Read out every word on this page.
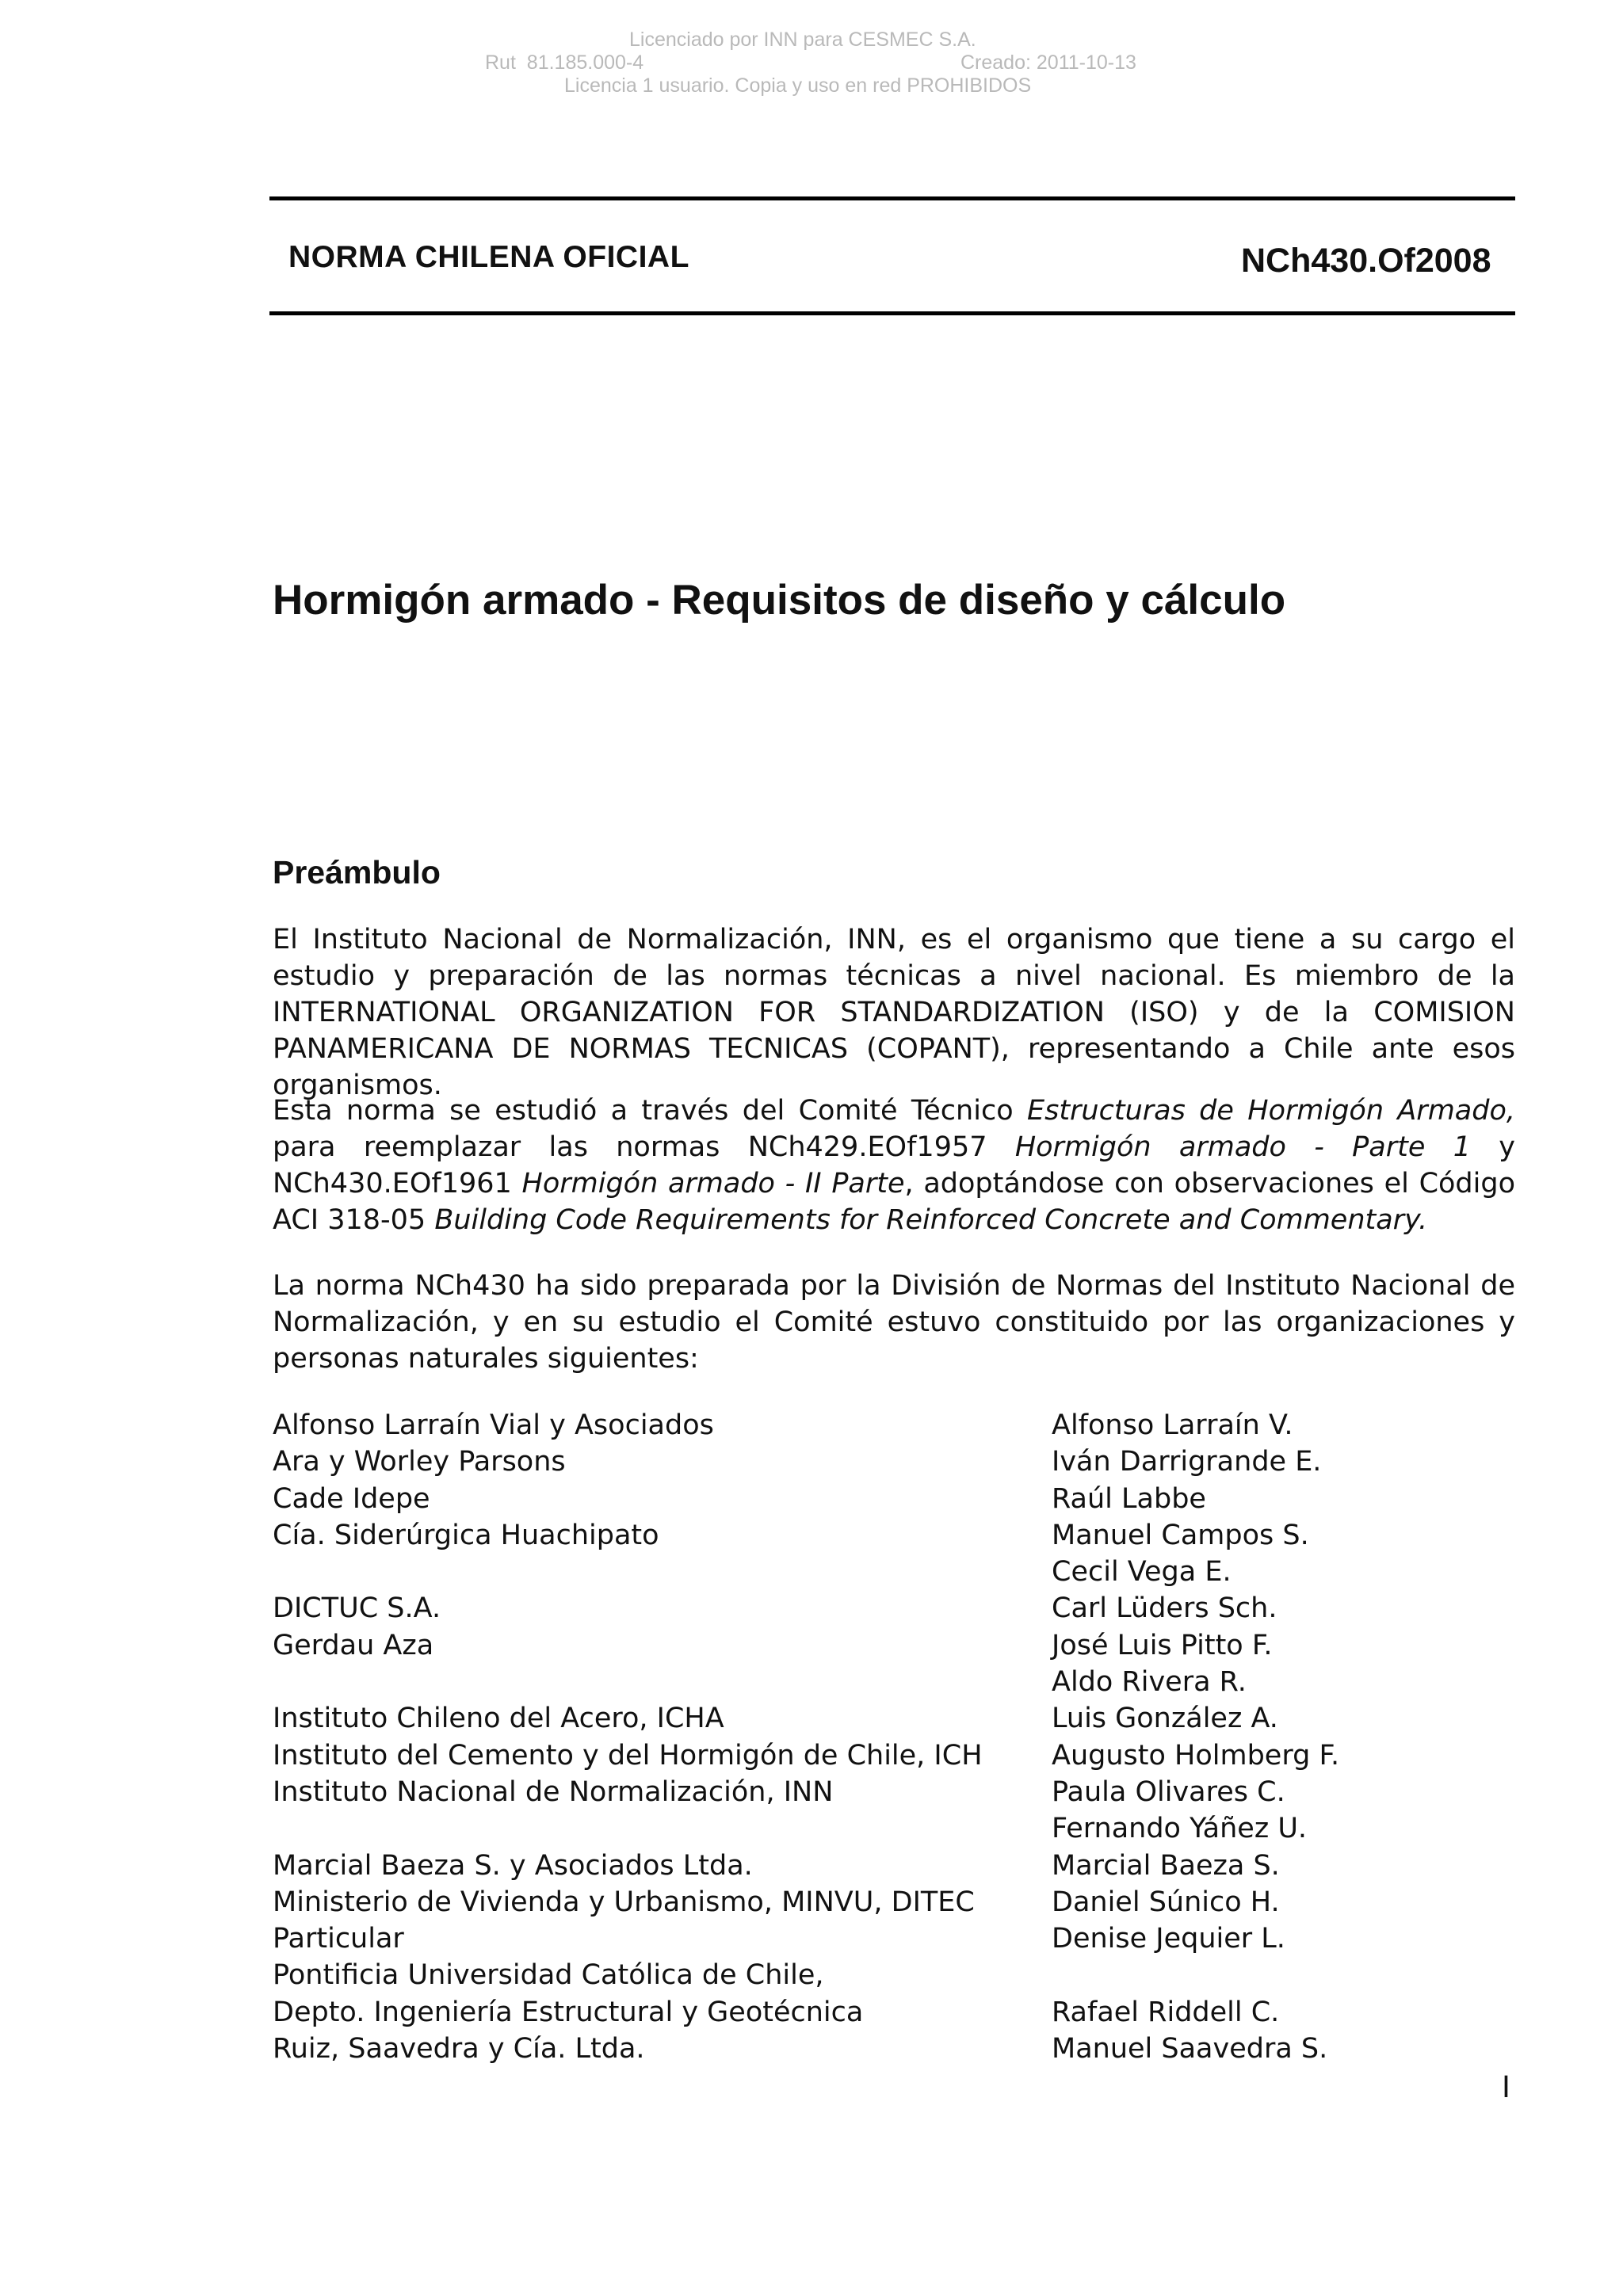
Licenciado por INN para CESMEC S.A.
Rut  81.185.000-4	Creado: 2011-10-13
Licencia 1 usuario. Copia y uso en red PROHIBIDOS
NORMA CHILENA OFICIAL	NCh430.Of2008
Hormigón armado - Requisitos de diseño y cálculo
Preámbulo

El Instituto Nacional de Normalización, INN, es el organismo que tiene a su cargo el estudio y preparación de las normas técnicas a nivel nacional. Es miembro de la INTERNATIONAL ORGANIZATION FOR STANDARDIZATION (ISO) y de la COMISION PANAMERICANA DE NORMAS TECNICAS (COPANT), representando a Chile ante esos organismos.

Esta norma se estudió a través del Comité Técnico Estructuras de Hormigón Armado, para reemplazar las normas NCh429.EOf1957 Hormigón armado - Parte 1 y NCh430.EOf1961 Hormigón armado - II Parte, adoptándose con observaciones el Código ACI 318-05 Building Code Requirements for Reinforced Concrete and Commentary.

La norma NCh430 ha sido preparada por la División de Normas del Instituto Nacional de Normalización, y en su estudio el Comité estuvo constituido por las organizaciones y personas naturales siguientes:

Alfonso Larraín Vial y Asociados
Ara y Worley Parsons
Cade Idepe
Cía. Siderúrgica Huachipato
DICTUC S.A.
Gerdau Aza
Instituto Chileno del Acero, ICHA
Instituto del Cemento y del Hormigón de Chile, ICH
Instituto Nacional de Normalización, INN
Marcial Baeza S. y Asociados Ltda.
Ministerio de Vivienda y Urbanismo, MINVU, DITEC
Particular
Pontificia Universidad Católica de Chile,
Depto. Ingeniería Estructural y Geotécnica
Ruiz, Saavedra y Cía. Ltda.
Alfonso Larraín V.
Iván Darrigrande E.
Raúl Labbe
Manuel Campos S.
Cecil Vega E.
Carl Lüders Sch.
José Luis Pitto F.
Aldo Rivera R.
Luis González A.
Augusto Holmberg F.
Paula Olivares C.
Fernando Yáñez U.
Marcial Baeza S.
Daniel Súnico H.
Denise Jequier L.
Rafael Riddell C.
Manuel Saavedra S.
I
